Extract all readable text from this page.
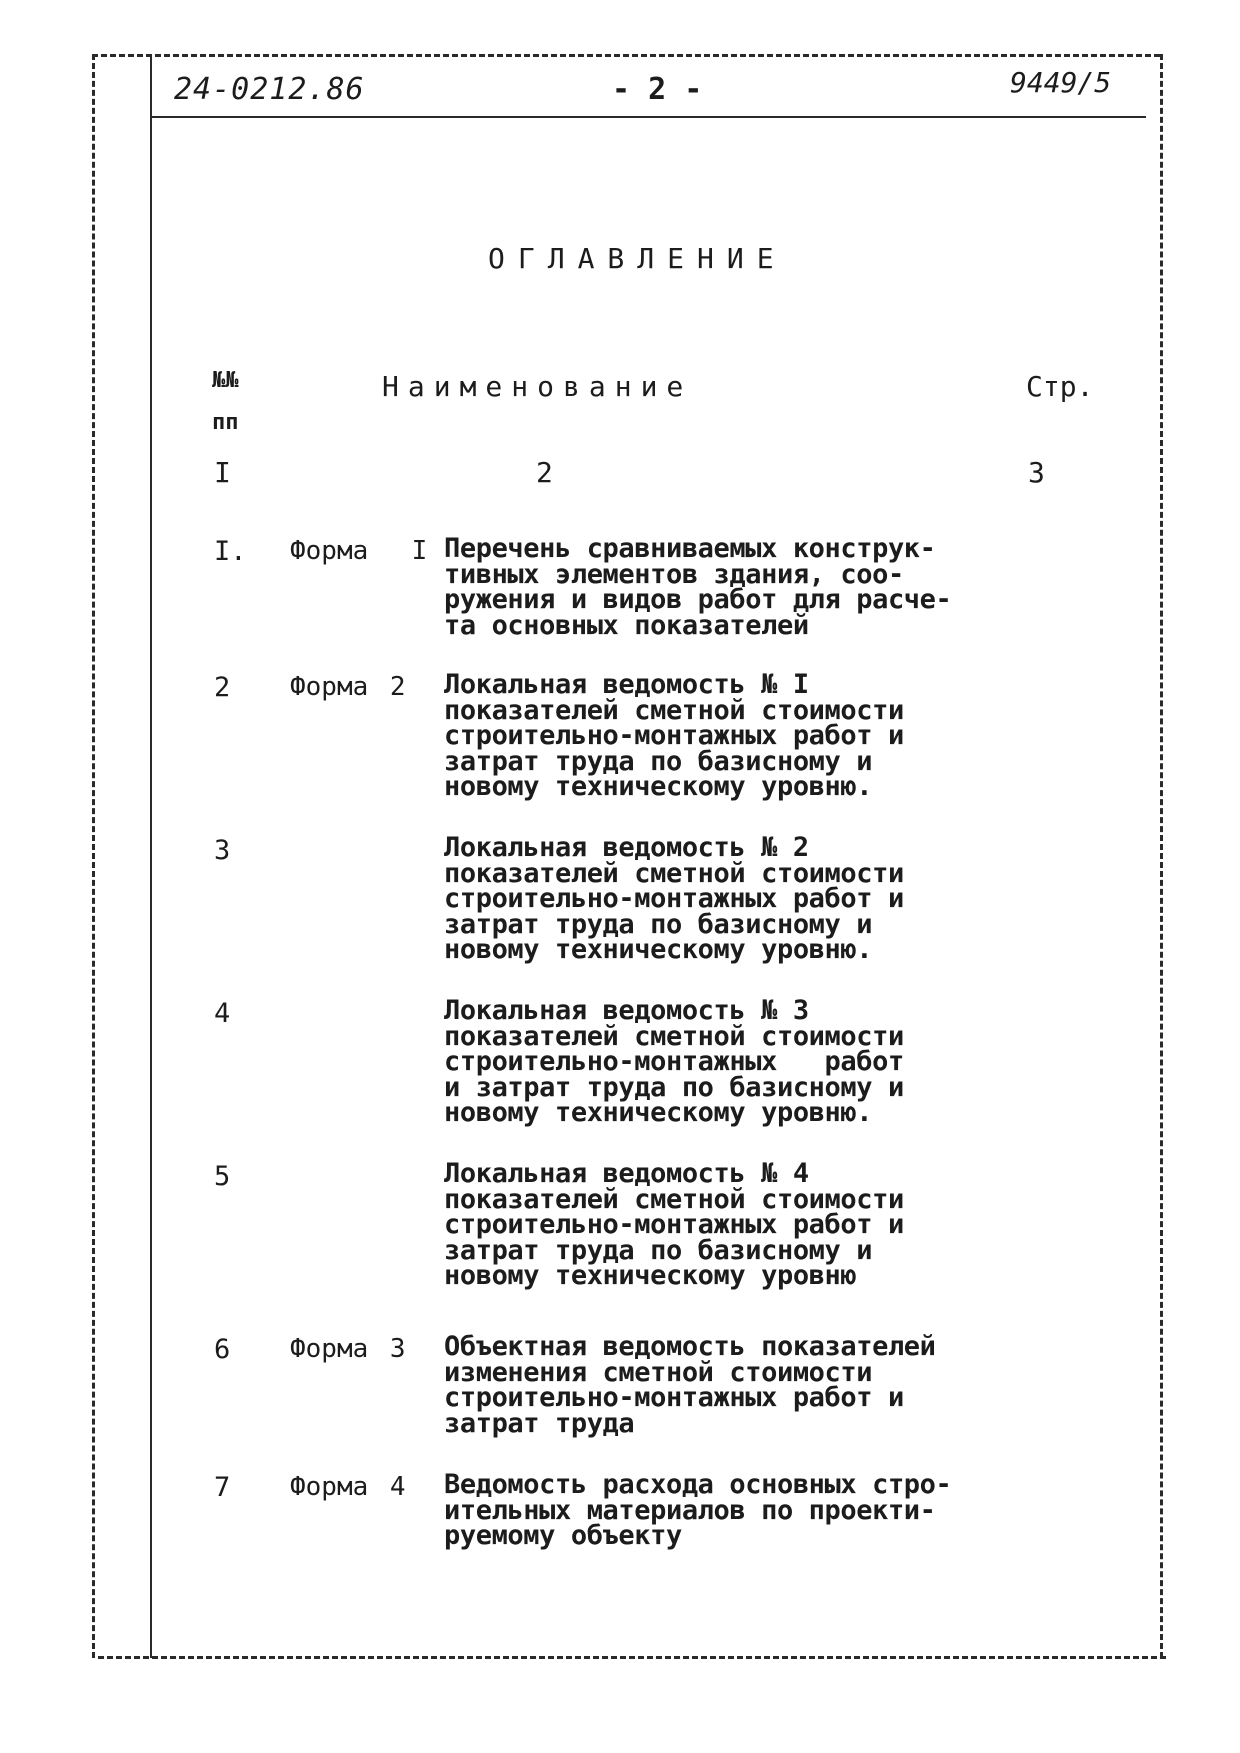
24-0212.86	- 2 -	9449/5
ОГЛАВЛЕНИЕ
№№
пп
Наименование	Стр.
I	2	3
I. Форма  I Перечень сравниваемых конструк-
тивных элементов здания, соо-
ружения и видов работ для расче-
та основных показателей
2 Форма 2 Локальная ведомость № I
показателей сметной стоимости
строительно-монтажных работ и
затрат труда по базисному и
новому техническому уровню.
3	Локальная ведомость № 2
показателей сметной стоимости
строительно-монтажных работ и
затрат труда по базисному и
новому техническому уровню.
4	Локальная ведомость № 3
показателей сметной стоимости
строительно-монтажных   работ
и затрат труда по базисному и
новому техническому уровню.
5	Локальная ведомость № 4
показателей сметной стоимости
строительно-монтажных работ и
затрат труда по базисному и
новому техническому уровню
6 Форма 3 Объектная ведомость показателей
изменения сметной стоимости
строительно-монтажных работ и
затрат труда
7 Форма 4 Ведомость расхода основных стро-
ительных материалов по проекти-
руемому объекту
